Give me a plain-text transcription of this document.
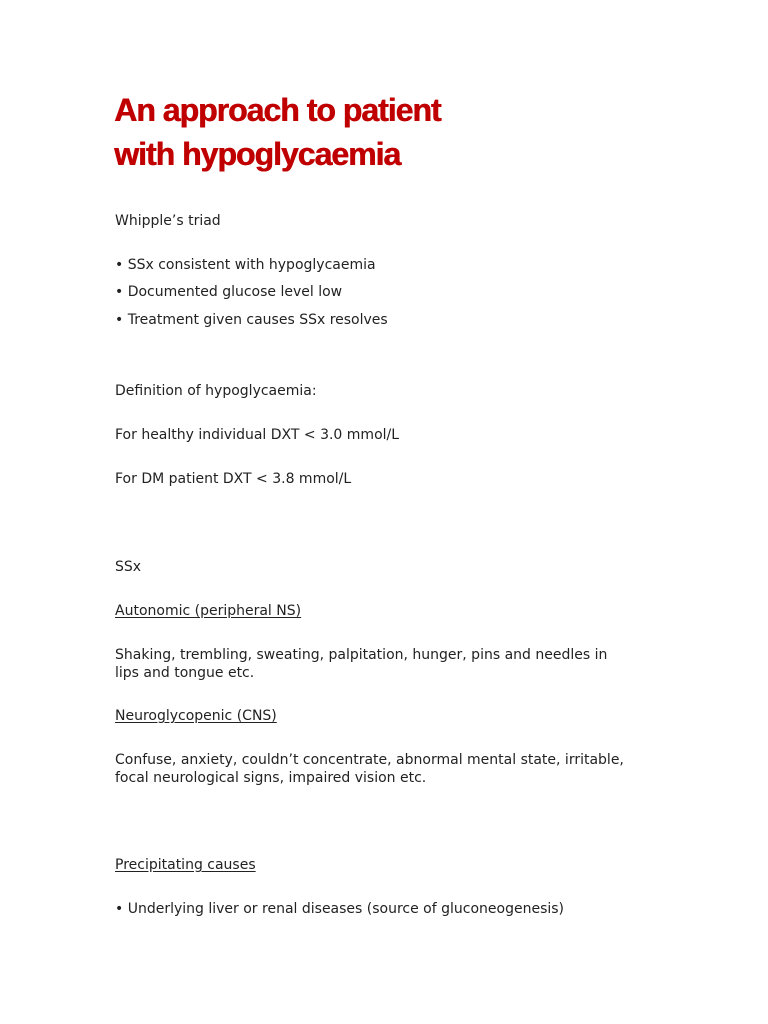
An approach to patient
with hypoglycaemia

Whipple’s triad

• SSx consistent with hypoglycaemia

• Documented glucose level low

• Treatment given causes SSx resolves

Definition of hypoglycaemia:

For healthy individual DXT < 3.0 mmol/L

For DM patient DXT < 3.8 mmol/L

SSx

Autonomic (peripheral NS)

Shaking, trembling, sweating, palpitation, hunger, pins and needles in lips and tongue etc.

Neuroglycopenic (CNS)

Confuse, anxiety, couldn’t concentrate, abnormal mental state, irritable, focal neurological signs, impaired vision etc.

Precipitating causes

• Underlying liver or renal diseases (source of gluconeogenesis)
